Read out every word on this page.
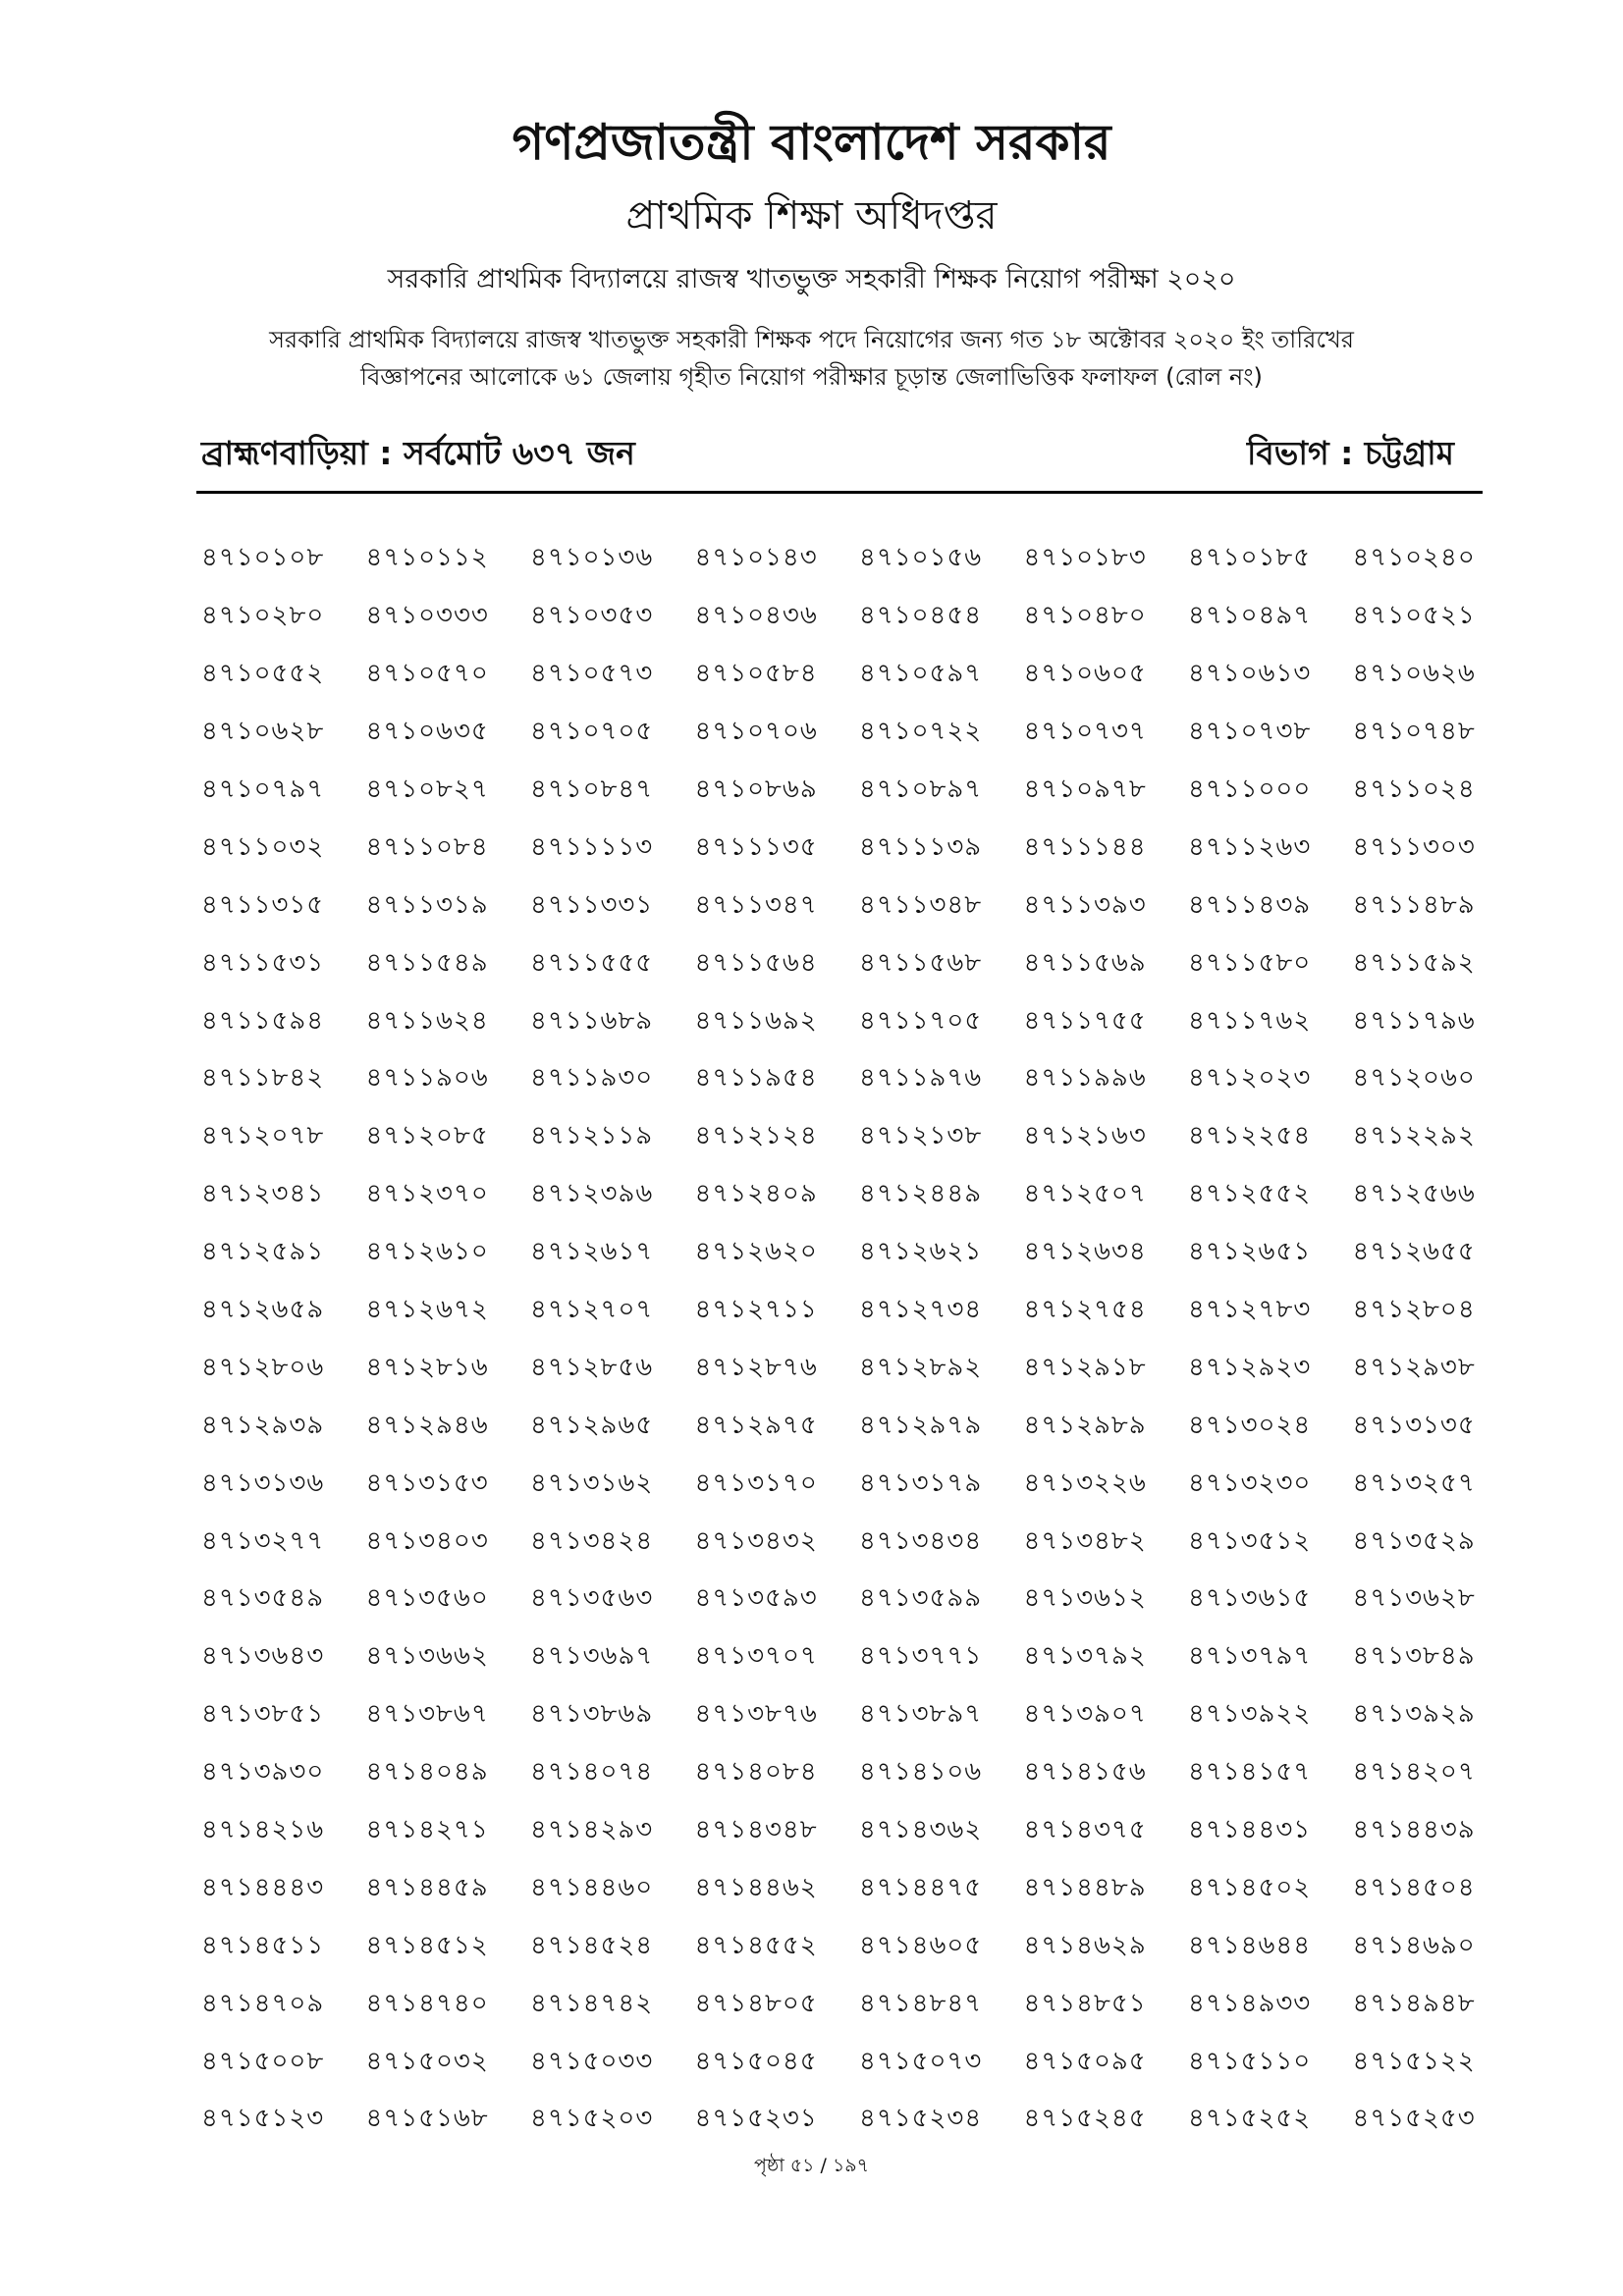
গণপ্রজাতন্ত্রী বাংলাদেশ সরকার
প্রাথমিক শিক্ষা অধিদপ্তর
সরকারি প্রাথমিক বিদ্যালয়ে রাজস্ব খাতভুক্ত সহকারী শিক্ষক নিয়োগ পরীক্ষা ২০২০
সরকারি প্রাথমিক বিদ্যালয়ে রাজস্ব খাতভুক্ত সহকারী শিক্ষক পদে নিয়োগের জন্য গত ১৮ অক্টোবর ২০২০ ইং তারিখের
বিজ্ঞাপনের আলোকে ৬১ জেলায় গৃহীত নিয়োগ পরীক্ষার চূড়ান্ত জেলাভিত্তিক ফলাফল (রোল নং)
ব্রাহ্মণবাড়িয়া : সর্বমোট ৬৩৭ জন	বিভাগ : চট্টগ্রাম
৪৭১০১০৮	৪৭১০১১২	৪৭১০১৩৬	৪৭১০১৪৩	৪৭১০১৫৬	৪৭১০১৮৩	৪৭১০১৮৫	৪৭১০২৪০
৪৭১০২৮০	৪৭১০৩৩৩	৪৭১০৩৫৩	৪৭১০৪৩৬	৪৭১০৪৫৪	৪৭১০৪৮০	৪৭১০৪৯৭	৪৭১০৫২১
৪৭১০৫৫২	৪৭১০৫৭০	৪৭১০৫৭৩	৪৭১০৫৮৪	৪৭১০৫৯৭	৪৭১০৬০৫	৪৭১০৬১৩	৪৭১০৬২৬
৪৭১০৬২৮	৪৭১০৬৩৫	৪৭১০৭০৫	৪৭১০৭০৬	৪৭১০৭২২	৪৭১০৭৩৭	৪৭১০৭৩৮	৪৭১০৭৪৮
৪৭১০৭৯৭	৪৭১০৮২৭	৪৭১০৮৪৭	৪৭১০৮৬৯	৪৭১০৮৯৭	৪৭১০৯৭৮	৪৭১১০০০	৪৭১১০২৪
৪৭১১০৩২	৪৭১১০৮৪	৪৭১১১১৩	৪৭১১১৩৫	৪৭১১১৩৯	৪৭১১১৪৪	৪৭১১২৬৩	৪৭১১৩০৩
৪৭১১৩১৫	৪৭১১৩১৯	৪৭১১৩৩১	৪৭১১৩৪৭	৪৭১১৩৪৮	৪৭১১৩৯৩	৪৭১১৪৩৯	৪৭১১৪৮৯
৪৭১১৫৩১	৪৭১১৫৪৯	৪৭১১৫৫৫	৪৭১১৫৬৪	৪৭১১৫৬৮	৪৭১১৫৬৯	৪৭১১৫৮০	৪৭১১৫৯২
৪৭১১৫৯৪	৪৭১১৬২৪	৪৭১১৬৮৯	৪৭১১৬৯২	৪৭১১৭০৫	৪৭১১৭৫৫	৪৭১১৭৬২	৪৭১১৭৯৬
৪৭১১৮৪২	৪৭১১৯০৬	৪৭১১৯৩০	৪৭১১৯৫৪	৪৭১১৯৭৬	৪৭১১৯৯৬	৪৭১২০২৩	৪৭১২০৬০
৪৭১২০৭৮	৪৭১২০৮৫	৪৭১২১১৯	৪৭১২১২৪	৪৭১২১৩৮	৪৭১২১৬৩	৪৭১২২৫৪	৪৭১২২৯২
৪৭১২৩৪১	৪৭১২৩৭০	৪৭১২৩৯৬	৪৭১২৪০৯	৪৭১২৪৪৯	৪৭১২৫০৭	৪৭১২৫৫২	৪৭১২৫৬৬
৪৭১২৫৯১	৪৭১২৬১০	৪৭১২৬১৭	৪৭১২৬২০	৪৭১২৬২১	৪৭১২৬৩৪	৪৭১২৬৫১	৪৭১২৬৫৫
৪৭১২৬৫৯	৪৭১২৬৭২	৪৭১২৭০৭	৪৭১২৭১১	৪৭১২৭৩৪	৪৭১২৭৫৪	৪৭১২৭৮৩	৪৭১২৮০৪
৪৭১২৮০৬	৪৭১২৮১৬	৪৭১২৮৫৬	৪৭১২৮৭৬	৪৭১২৮৯২	৪৭১২৯১৮	৪৭১২৯২৩	৪৭১২৯৩৮
৪৭১২৯৩৯	৪৭১২৯৪৬	৪৭১২৯৬৫	৪৭১২৯৭৫	৪৭১২৯৭৯	৪৭১২৯৮৯	৪৭১৩০২৪	৪৭১৩১৩৫
৪৭১৩১৩৬	৪৭১৩১৫৩	৪৭১৩১৬২	৪৭১৩১৭০	৪৭১৩১৭৯	৪৭১৩২২৬	৪৭১৩২৩০	৪৭১৩২৫৭
৪৭১৩২৭৭	৪৭১৩৪০৩	৪৭১৩৪২৪	৪৭১৩৪৩২	৪৭১৩৪৩৪	৪৭১৩৪৮২	৪৭১৩৫১২	৪৭১৩৫২৯
৪৭১৩৫৪৯	৪৭১৩৫৬০	৪৭১৩৫৬৩	৪৭১৩৫৯৩	৪৭১৩৫৯৯	৪৭১৩৬১২	৪৭১৩৬১৫	৪৭১৩৬২৮
৪৭১৩৬৪৩	৪৭১৩৬৬২	৪৭১৩৬৯৭	৪৭১৩৭০৭	৪৭১৩৭৭১	৪৭১৩৭৯২	৪৭১৩৭৯৭	৪৭১৩৮৪৯
৪৭১৩৮৫১	৪৭১৩৮৬৭	৪৭১৩৮৬৯	৪৭১৩৮৭৬	৪৭১৩৮৯৭	৪৭১৩৯০৭	৪৭১৩৯২২	৪৭১৩৯২৯
৪৭১৩৯৩০	৪৭১৪০৪৯	৪৭১৪০৭৪	৪৭১৪০৮৪	৪৭১৪১০৬	৪৭১৪১৫৬	৪৭১৪১৫৭	৪৭১৪২০৭
৪৭১৪২১৬	৪৭১৪২৭১	৪৭১৪২৯৩	৪৭১৪৩৪৮	৪৭১৪৩৬২	৪৭১৪৩৭৫	৪৭১৪৪৩১	৪৭১৪৪৩৯
৪৭১৪৪৪৩	৪৭১৪৪৫৯	৪৭১৪৪৬০	৪৭১৪৪৬২	৪৭১৪৪৭৫	৪৭১৪৪৮৯	৪৭১৪৫০২	৪৭১৪৫০৪
৪৭১৪৫১১	৪৭১৪৫১২	৪৭১৪৫২৪	৪৭১৪৫৫২	৪৭১৪৬০৫	৪৭১৪৬২৯	৪৭১৪৬৪৪	৪৭১৪৬৯০
৪৭১৪৭০৯	৪৭১৪৭৪০	৪৭১৪৭৪২	৪৭১৪৮০৫	৪৭১৪৮৪৭	৪৭১৪৮৫১	৪৭১৪৯৩৩	৪৭১৪৯৪৮
৪৭১৫০০৮	৪৭১৫০৩২	৪৭১৫০৩৩	৪৭১৫০৪৫	৪৭১৫০৭৩	৪৭১৫০৯৫	৪৭১৫১১০	৪৭১৫১২২
৪৭১৫১২৩	৪৭১৫১৬৮	৪৭১৫২০৩	৪৭১৫২৩১	৪৭১৫২৩৪	৪৭১৫২৪৫	৪৭১৫২৫২	৪৭১৫২৫৩
পৃষ্ঠা ৫১ / ১৯৭
